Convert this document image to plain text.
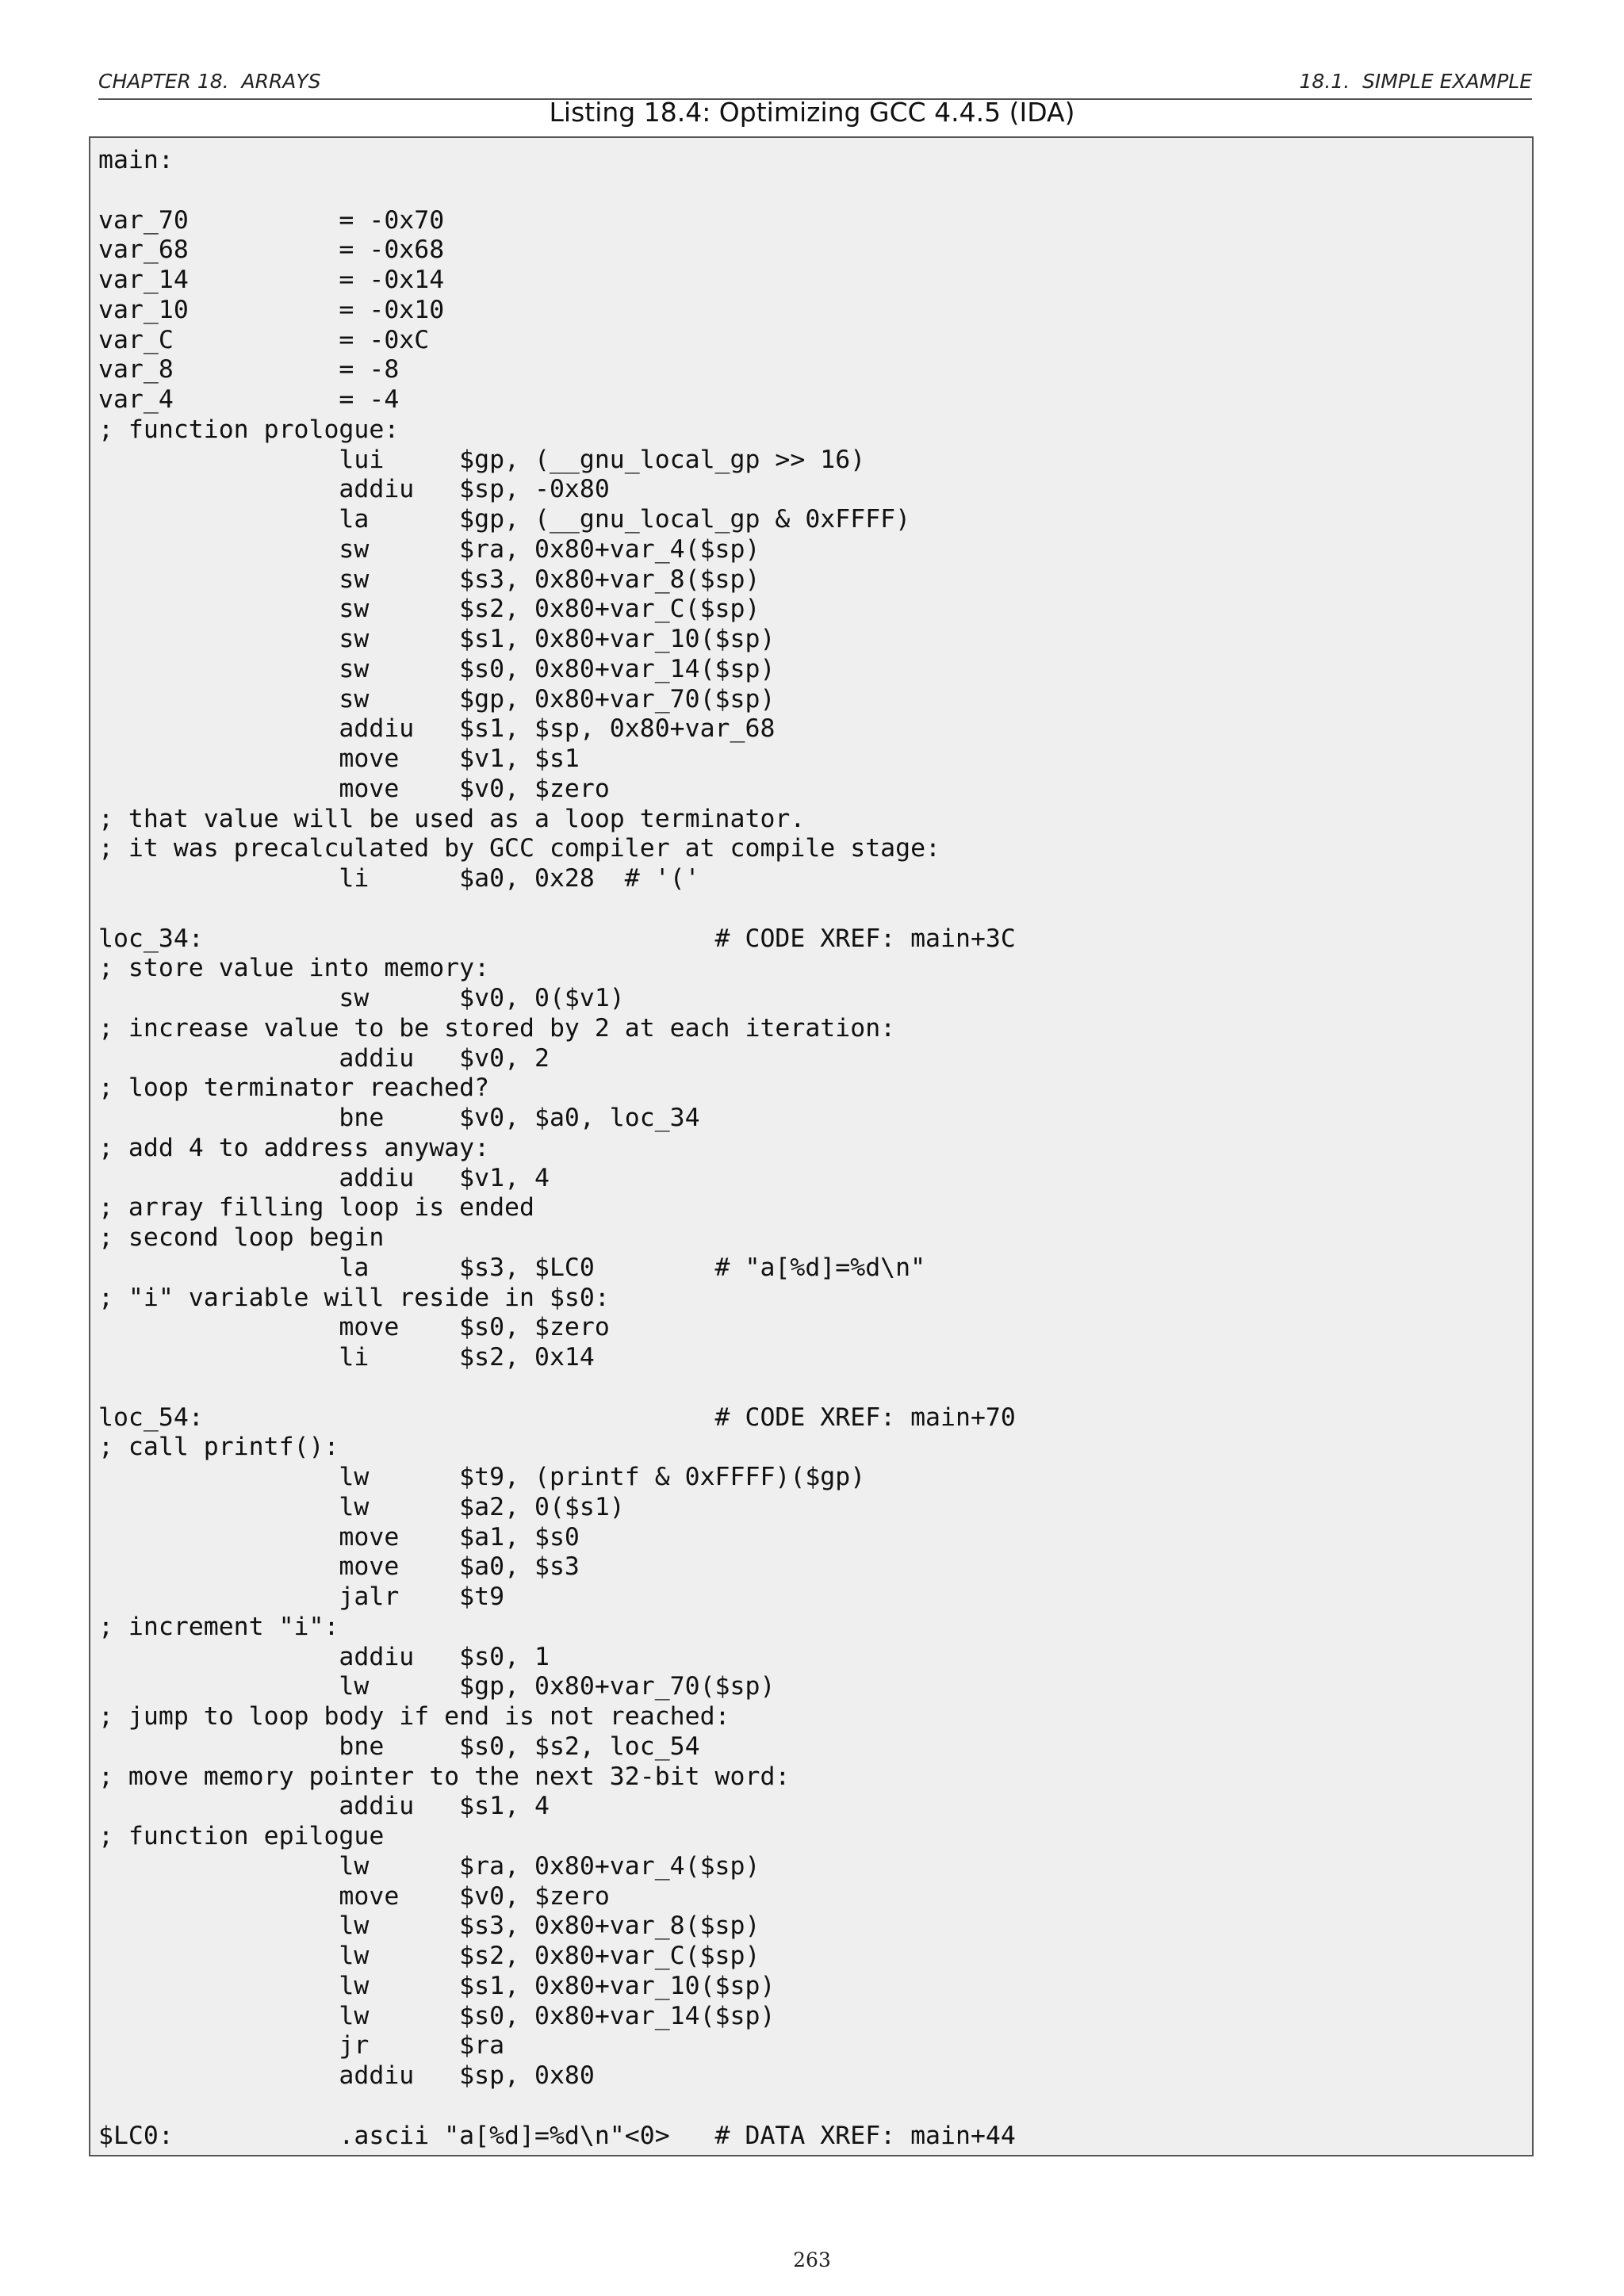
CHAPTER 18.  ARRAYS	18.1.  SIMPLE EXAMPLE
Listing 18.4: Optimizing GCC 4.4.5 (IDA)
main:
var_70          = -0x70
var_68          = -0x68
var_14          = -0x14
var_10          = -0x10
var_C           = -0xC
var_8           = -8
var_4           = -4
; function prologue:
lui     $gp, (__gnu_local_gp >> 16)
addiu   $sp, -0x80
la      $gp, (__gnu_local_gp & 0xFFFF)
sw      $ra, 0x80+var_4($sp)
sw      $s3, 0x80+var_8($sp)
sw      $s2, 0x80+var_C($sp)
sw      $s1, 0x80+var_10($sp)
sw      $s0, 0x80+var_14($sp)
sw      $gp, 0x80+var_70($sp)
addiu   $s1, $sp, 0x80+var_68
move    $v1, $s1
move    $v0, $zero
; that value will be used as a loop terminator.
; it was precalculated by GCC compiler at compile stage:
li      $a0, 0x28  # '('
loc_34:                                  # CODE XREF: main+3C
; store value into memory:
sw      $v0, 0($v1)
; increase value to be stored by 2 at each iteration:
addiu   $v0, 2
; loop terminator reached?
bne     $v0, $a0, loc_34
; add 4 to address anyway:
addiu   $v1, 4
; array filling loop is ended
; second loop begin
la      $s3, $LC0        # "a[%d]=%d\n"
; "i" variable will reside in $s0:
move    $s0, $zero
li      $s2, 0x14
loc_54:                                  # CODE XREF: main+70
; call printf():
lw      $t9, (printf & 0xFFFF)($gp)
lw      $a2, 0($s1)
move    $a1, $s0
move    $a0, $s3
jalr    $t9
; increment "i":
addiu   $s0, 1
lw      $gp, 0x80+var_70($sp)
; jump to loop body if end is not reached:
bne     $s0, $s2, loc_54
; move memory pointer to the next 32-bit word:
addiu   $s1, 4
; function epilogue
lw      $ra, 0x80+var_4($sp)
move    $v0, $zero
lw      $s3, 0x80+var_8($sp)
lw      $s2, 0x80+var_C($sp)
lw      $s1, 0x80+var_10($sp)
lw      $s0, 0x80+var_14($sp)
jr      $ra
addiu   $sp, 0x80
$LC0:           .ascii "a[%d]=%d\n"<0>   # DATA XREF: main+44
263
